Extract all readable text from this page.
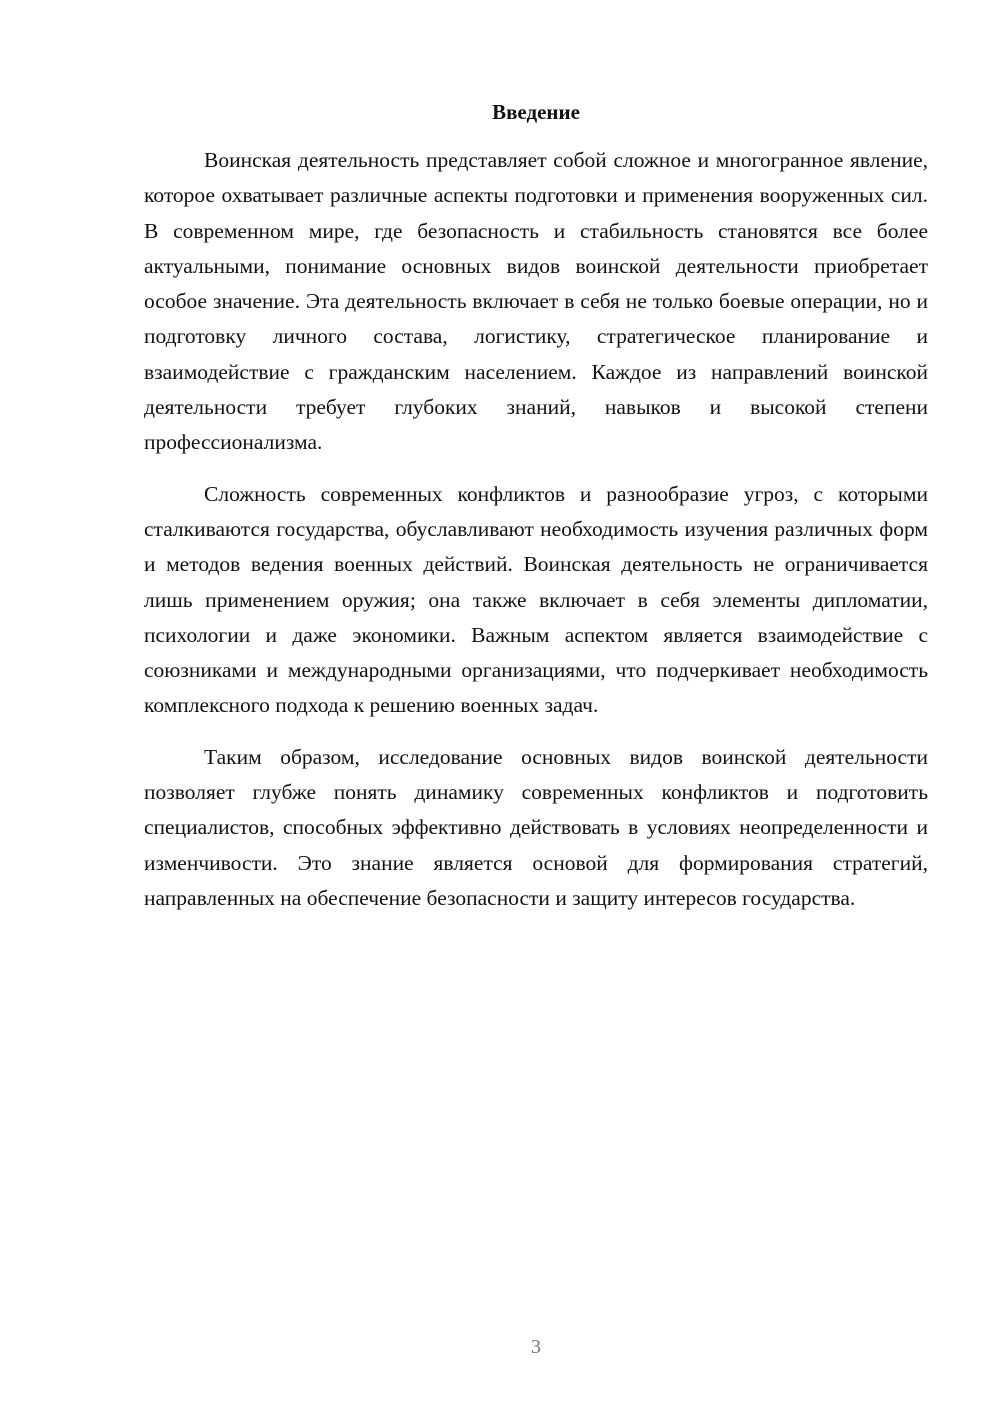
Введение

Воинская деятельность представляет собой сложное и многогранное явление, которое охватывает различные аспекты подготовки и применения вооруженных сил. В современном мире, где безопасность и стабильность становятся все более актуальными, понимание основных видов воинской деятельности приобретает особое значение. Эта деятельность включает в себя не только боевые операции, но и подготовку личного состава, логистику, стратегическое планирование и взаимодействие с гражданским населением. Каждое из направлений воинской деятельности требует глубоких знаний, навыков и высокой степени профессионализма.

Сложность современных конфликтов и разнообразие угроз, с которыми сталкиваются государства, обуславливают необходимость изучения различных форм и методов ведения военных действий. Воинская деятельность не ограничивается лишь применением оружия; она также включает в себя элементы дипломатии, психологии и даже экономики. Важным аспектом является взаимодействие с союзниками и международными организациями, что подчеркивает необходимость комплексного подхода к решению военных задач.

Таким образом, исследование основных видов воинской деятельности позволяет глубже понять динамику современных конфликтов и подготовить специалистов, способных эффективно действовать в условиях неопределенности и изменчивости. Это знание является основой для формирования стратегий, направленных на обеспечение безопасности и защиту интересов государства.

3
